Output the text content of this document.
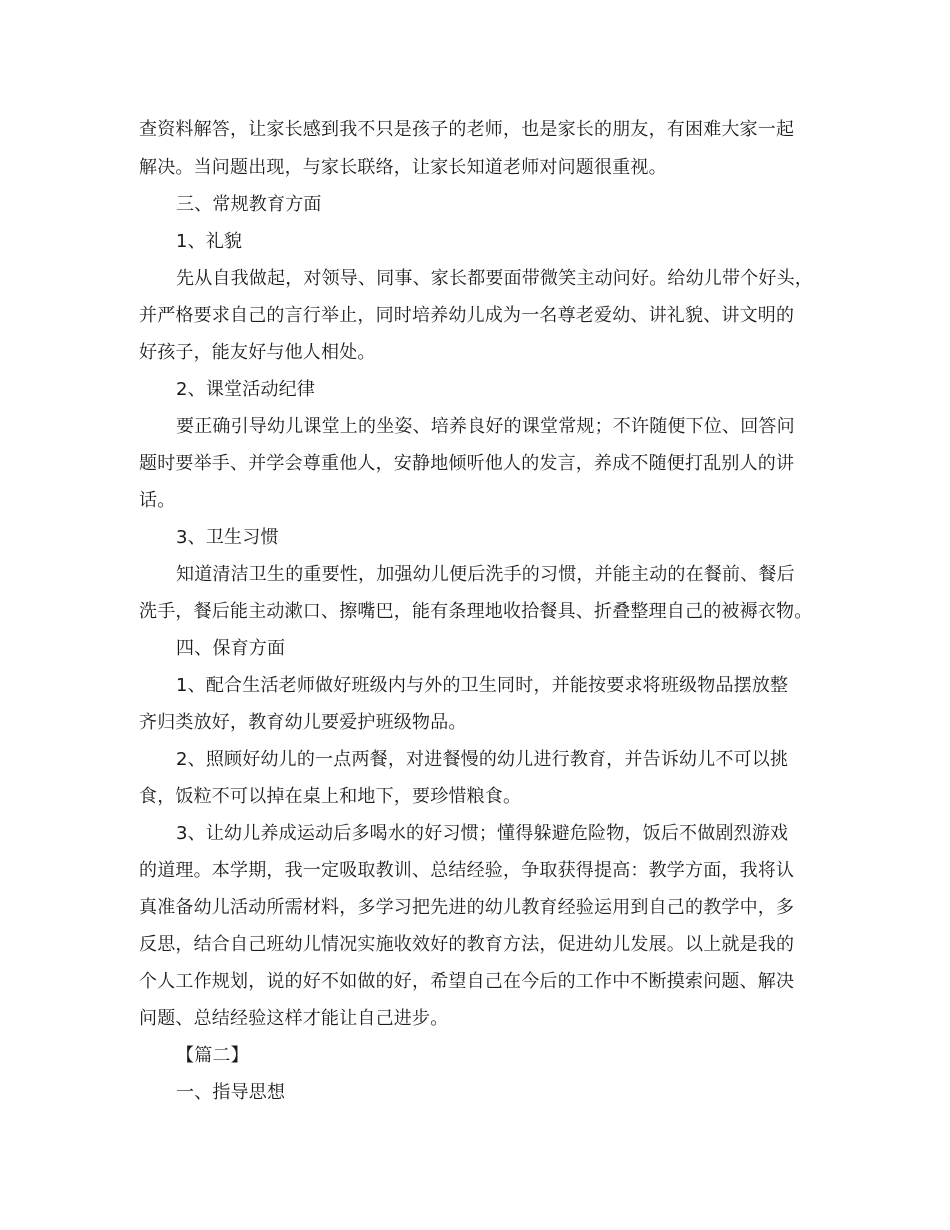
查资料解答，让家长感到我不只是孩子的老师，也是家长的朋友，有困难大家一起
解决。当问题出现，与家长联络，让家长知道老师对问题很重视。
三、常规教育方面
1、礼貌
先从自我做起，对领导、同事、家长都要面带微笑主动问好。给幼儿带个好头，
并严格要求自己的言行举止，同时培养幼儿成为一名尊老爱幼、讲礼貌、讲文明的
好孩子，能友好与他人相处。
2、课堂活动纪律
要正确引导幼儿课堂上的坐姿、培养良好的课堂常规；不许随便下位、回答问
题时要举手、并学会尊重他人，安静地倾听他人的发言，养成不随便打乱别人的讲
话。
3、卫生习惯
知道清洁卫生的重要性，加强幼儿便后洗手的习惯，并能主动的在餐前、餐后
洗手，餐后能主动漱口、擦嘴巴，能有条理地收拾餐具、折叠整理自己的被褥衣物。
四、保育方面
1、配合生活老师做好班级内与外的卫生同时，并能按要求将班级物品摆放整
齐归类放好，教育幼儿要爱护班级物品。
2、照顾好幼儿的一点两餐，对进餐慢的幼儿进行教育，并告诉幼儿不可以挑
食，饭粒不可以掉在桌上和地下，要珍惜粮食。
3、让幼儿养成运动后多喝水的好习惯；懂得躲避危险物，饭后不做剧烈游戏
的道理。本学期，我一定吸取教训、总结经验，争取获得提高：教学方面，我将认
真准备幼儿活动所需材料，多学习把先进的幼儿教育经验运用到自己的教学中，多
反思，结合自己班幼儿情况实施收效好的教育方法，促进幼儿发展。以上就是我的
个人工作规划，说的好不如做的好，希望自己在今后的工作中不断摸索问题、解决
问题、总结经验这样才能让自己进步。
【篇二】
一、指导思想
